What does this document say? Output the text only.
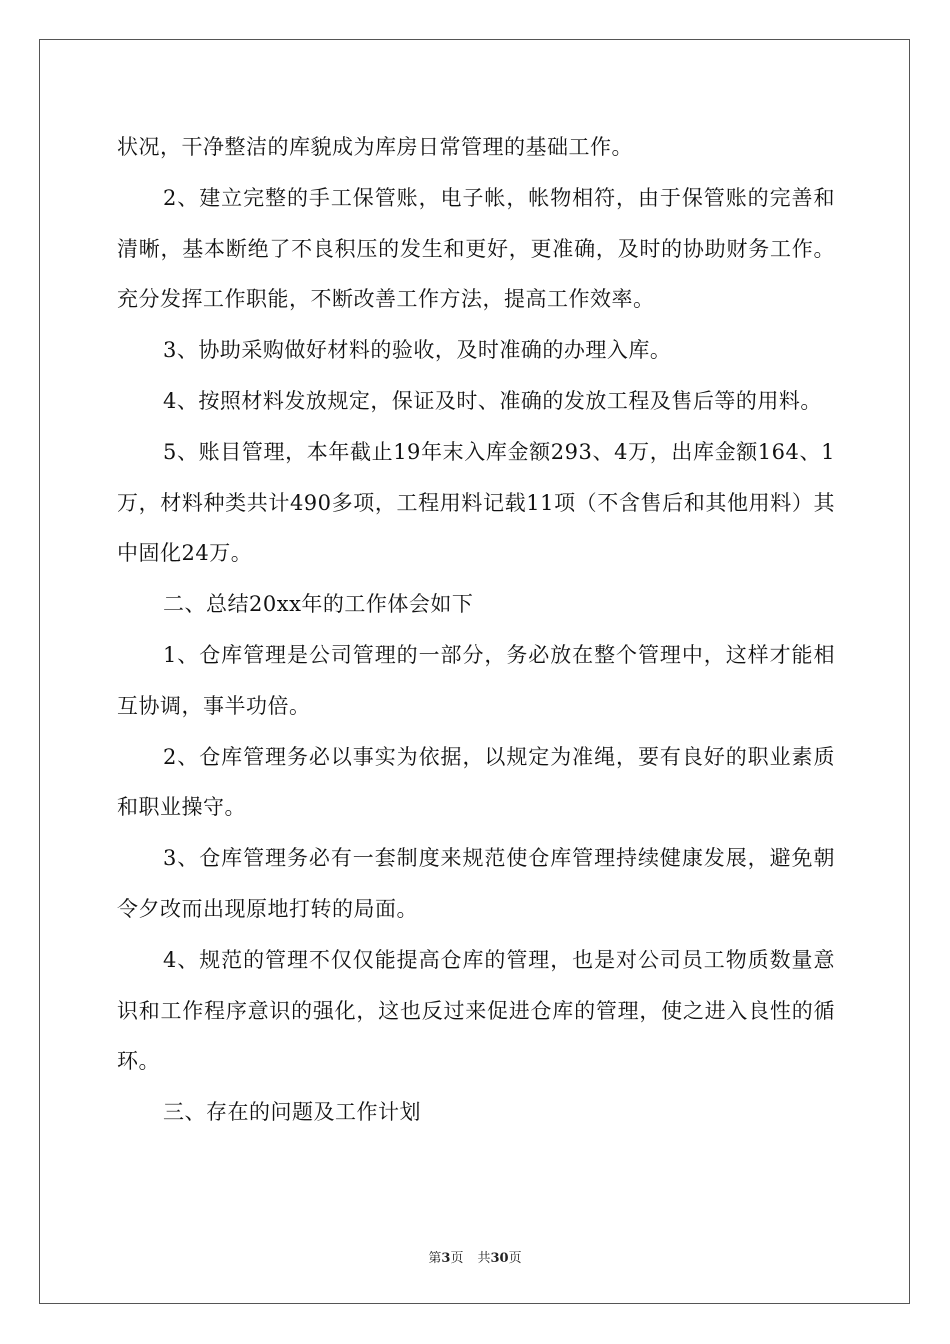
状况，干净整洁的库貌成为库房日常管理的基础工作。

2、建立完整的手工保管账，电子帐，帐物相符，由于保管账的完善和清晰，基本断绝了不良积压的发生和更好，更准确，及时的协助财务工作。充分发挥工作职能，不断改善工作方法，提高工作效率。

3、协助采购做好材料的验收，及时准确的办理入库。

4、按照材料发放规定，保证及时、准确的发放工程及售后等的用料。

5、账目管理，本年截止19年末入库金额293、4万，出库金额164、1万，材料种类共计490多项，工程用料记载11项（不含售后和其他用料）其中固化24万。

二、总结20xx年的工作体会如下

1、仓库管理是公司管理的一部分，务必放在整个管理中，这样才能相互协调，事半功倍。

2、仓库管理务必以事实为依据，以规定为准绳，要有良好的职业素质和职业操守。

3、仓库管理务必有一套制度来规范使仓库管理持续健康发展，避免朝令夕改而出现原地打转的局面。

4、规范的管理不仅仅能提高仓库的管理，也是对公司员工物质数量意识和工作程序意识的强化，这也反过来促进仓库的管理，使之进入良性的循环。

三、存在的问题及工作计划

第3页 共30页
